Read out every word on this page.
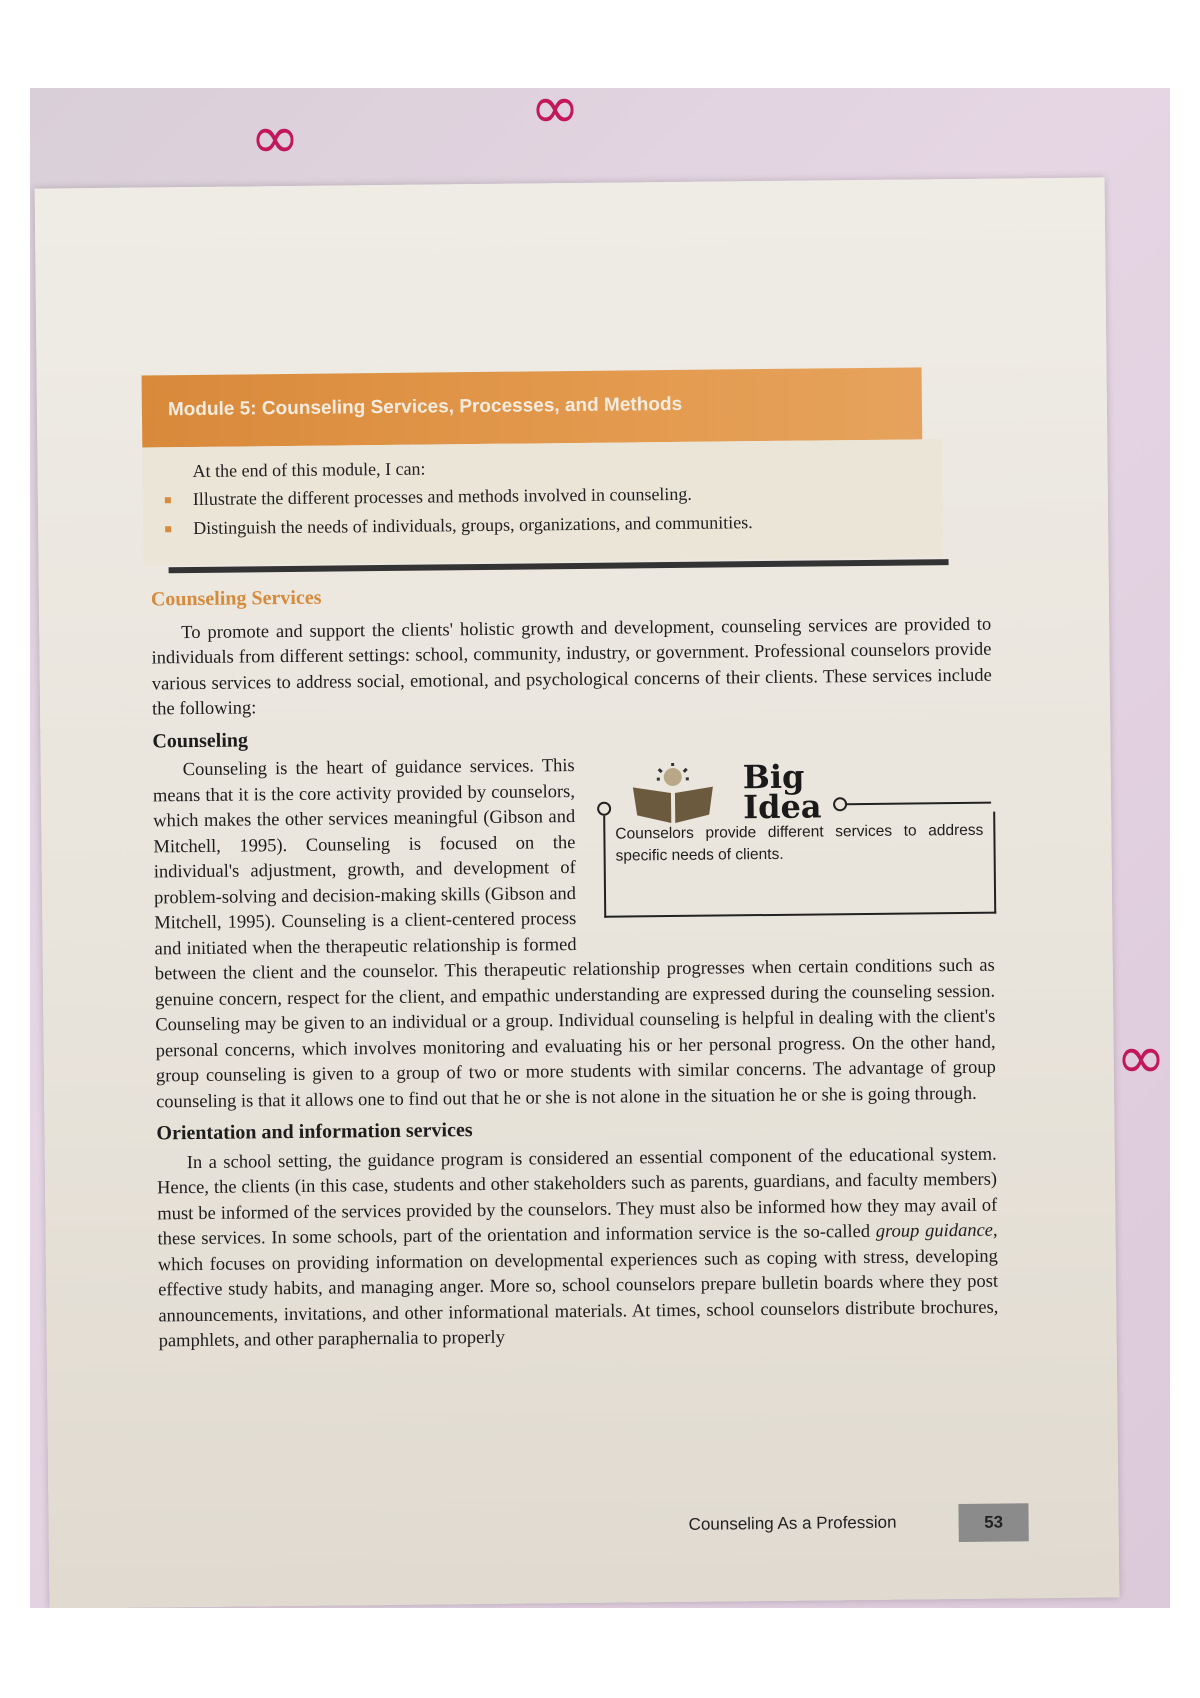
∞	∞
∞
Module 5: Counseling Services, Processes, and Methods
At the end of this module, I can:
Illustrate the different processes and methods involved in counseling.
Distinguish the needs of individuals, groups, organizations, and communities.
Counseling Services

To promote and support the clients' holistic growth and development, counseling services are provided to individuals from different settings: school, community, industry, or government. Professional counselors provide various services to address social, emotional, and psychological concerns of their clients. These services include the following:

Counseling
Big
Idea
Counselors provide different services to address specific needs of clients.

Counseling is the heart of guidance services. This means that it is the core activity provided by counselors, which makes the other services meaningful (Gibson and Mitchell, 1995). Counseling is focused on the individual's adjustment, growth, and development of problem-solving and decision-making skills (Gibson and Mitchell, 1995). Counseling is a client-centered process and initiated when the therapeutic relationship is formed between the client and the counselor. This therapeutic relationship progresses when certain conditions such as genuine concern, respect for the client, and empathic understanding are expressed during the counseling session. Counseling may be given to an individual or a group. Individual counseling is helpful in dealing with the client's personal concerns, which involves monitoring and evaluating his or her personal progress. On the other hand, group counseling is given to a group of two or more students with similar concerns. The advantage of group counseling is that it allows one to find out that he or she is not alone in the situation he or she is going through.

Orientation and information services

In a school setting, the guidance program is considered an essential component of the educational system. Hence, the clients (in this case, students and other stakeholders such as parents, guardians, and faculty members) must be informed of the services provided by the counselors. They must also be informed how they may avail of these services. In some schools, part of the orientation and information service is the so-called group guidance, which focuses on providing information on developmental experiences such as coping with stress, developing effective study habits, and managing anger. More so, school counselors prepare bulletin boards where they post announcements, invitations, and other informational materials. At times, school counselors distribute brochures, pamphlets, and other paraphernalia to properly

Counseling As a Profession	53
